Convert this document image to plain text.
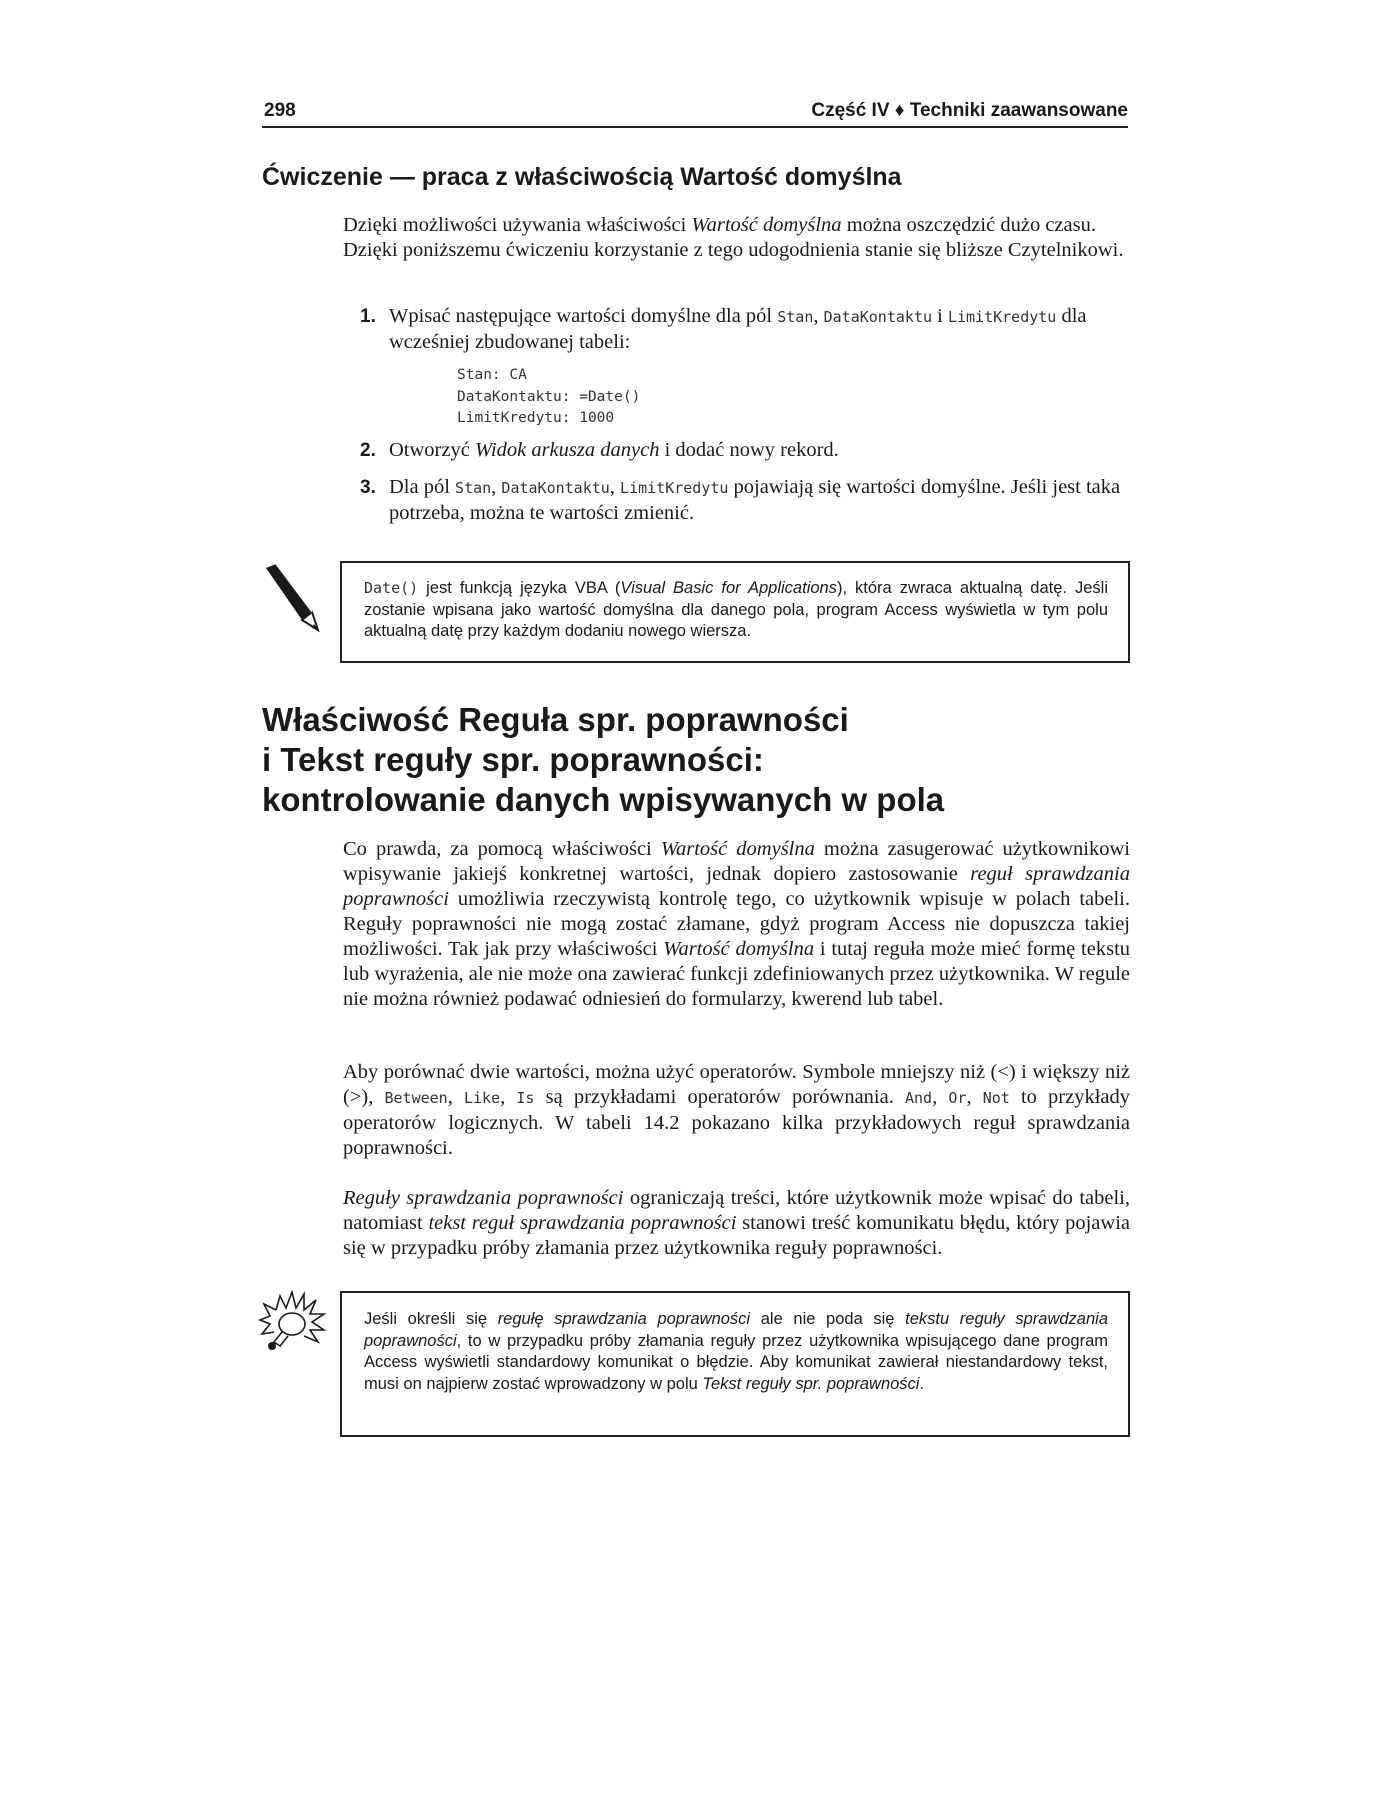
298	Część IV ♦ Techniki zaawansowane
Ćwiczenie — praca z właściwością Wartość domyślna

Dzięki możliwości używania właściwości Wartość domyślna można oszczędzić dużo czasu. Dzięki poniższemu ćwiczeniu korzystanie z tego udogodnienia stanie się bliższe Czytelnikowi.

1. Wpisać następujące wartości domyślne dla pól Stan, DataKontaktu i LimitKredytu dla wcześniej zbudowanej tabeli:
Stan: CA
DataKontaktu: =Date()
LimitKredytu: 1000
2. Otworzyć Widok arkusza danych i dodać nowy rekord.
3. Dla pól Stan, DataKontaktu, LimitKredytu pojawiają się wartości domyślne. Jeśli jest taka potrzeba, można te wartości zmienić.

Date() jest funkcją języka VBA (Visual Basic for Applications), która zwraca aktualną datę. Jeśli zostanie wpisana jako wartość domyślna dla danego pola, program Access wyświetla w tym polu aktualną datę przy każdym dodaniu nowego wiersza.

Właściwość Reguła spr. poprawności
i Tekst reguły spr. poprawności:
kontrolowanie danych wpisywanych w pola

Co prawda, za pomocą właściwości Wartość domyślna można zasugerować użytkownikowi wpisywanie jakiejś konkretnej wartości, jednak dopiero zastosowanie reguł sprawdzania poprawności umożliwia rzeczywistą kontrolę tego, co użytkownik wpisuje w polach tabeli. Reguły poprawności nie mogą zostać złamane, gdyż program Access nie dopuszcza takiej możliwości. Tak jak przy właściwości Wartość domyślna i tutaj reguła może mieć formę tekstu lub wyrażenia, ale nie może ona zawierać funkcji zdefiniowanych przez użytkownika. W regule nie można również podawać odniesień do formularzy, kwerend lub tabel.

Aby porównać dwie wartości, można użyć operatorów. Symbole mniejszy niż (<) i większy niż (>), Between, Like, Is są przykładami operatorów porównania. And, Or, Not to przykłady operatorów logicznych. W tabeli 14.2 pokazano kilka przykładowych reguł sprawdzania poprawności.

Reguły sprawdzania poprawności ograniczają treści, które użytkownik może wpisać do tabeli, natomiast tekst reguł sprawdzania poprawności stanowi treść komunikatu błędu, który pojawia się w przypadku próby złamania przez użytkownika reguły poprawności.

Jeśli określi się regułę sprawdzania poprawności ale nie poda się tekstu reguły sprawdzania poprawności, to w przypadku próby złamania reguły przez użytkownika wpisującego dane program Access wyświetli standardowy komunikat o błędzie. Aby komunikat zawierał niestandardowy tekst, musi on najpierw zostać wprowadzony w polu Tekst reguły spr. poprawności.
